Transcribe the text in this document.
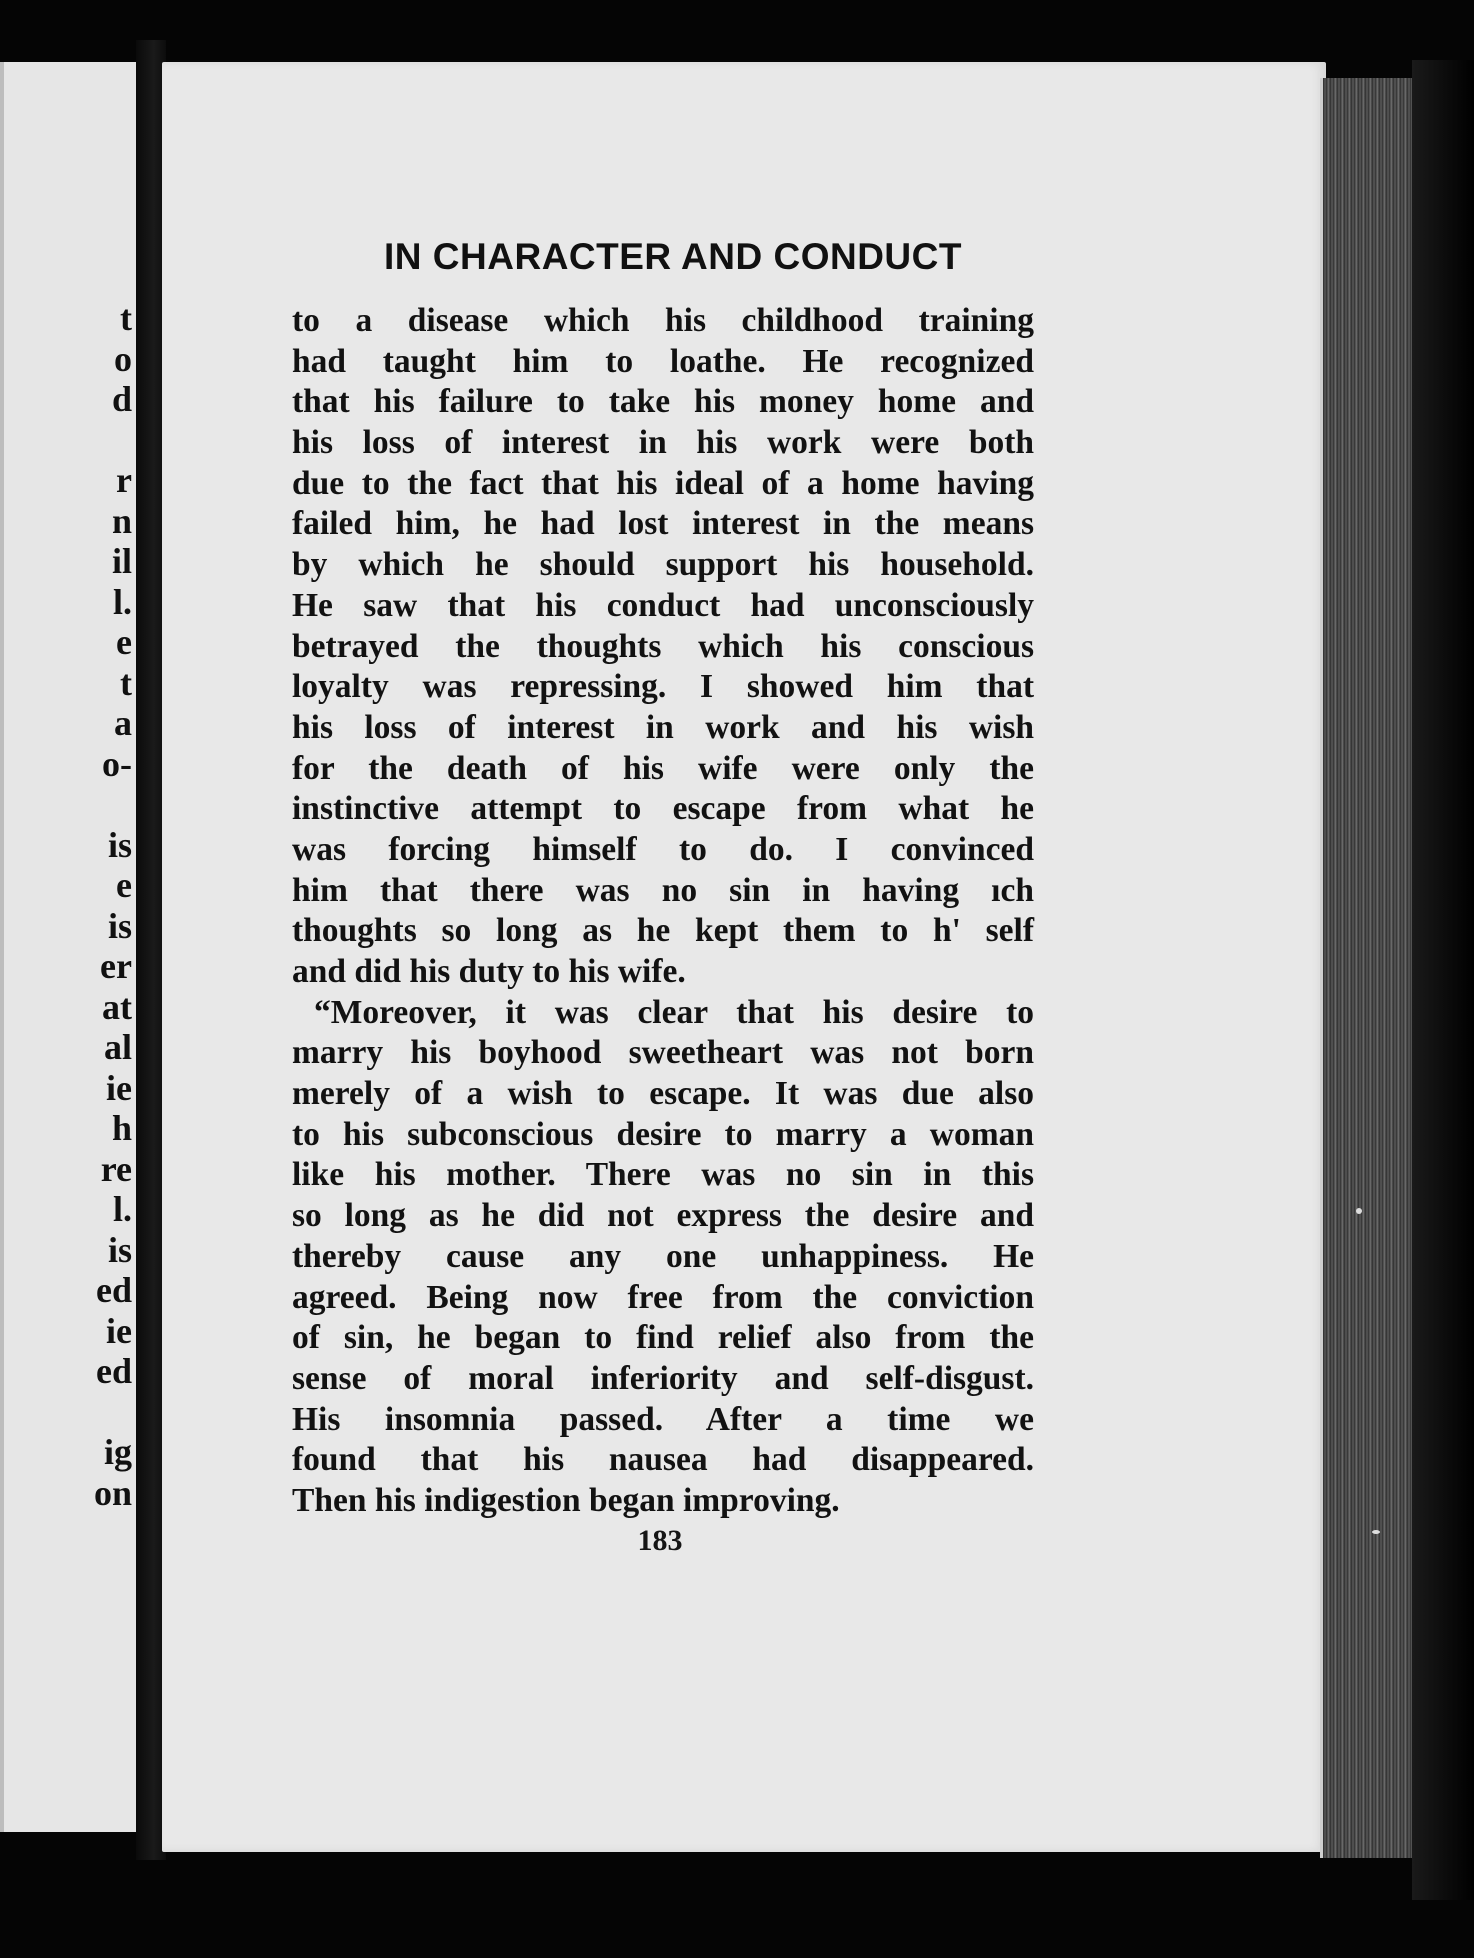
t
o
d
r
n
il
l.
e
t
a
o-
is
e
is
er
at
al
ie
h
re
l.
is
ed
ie
ed
ig
on
IN CHARACTER AND CONDUCT
to a disease which his childhood training
had taught him to loathe. He recognized
that his failure to take his money home and
his loss of interest in his work were both
due to the fact that his ideal of a home having
failed him, he had lost interest in the means
by which he should support his household.
He saw that his conduct had unconsciously
betrayed the thoughts which his conscious
loyalty was repressing. I showed him that
his loss of interest in work and his wish
for the death of his wife were only the
instinctive attempt to escape from what he
was forcing himself to do. I convinced
him that there was no sin in having ıch
thoughts so long as he kept them to h' self
and did his duty to his wife.
“Moreover, it was clear that his desire to
marry his boyhood sweetheart was not born
merely of a wish to escape. It was due also
to his subconscious desire to marry a woman
like his mother. There was no sin in this
so long as he did not express the desire and
thereby cause any one unhappiness. He
agreed. Being now free from the conviction
of sin, he began to find relief also from the
sense of moral inferiority and self-disgust.
His insomnia passed. After a time we
found that his nausea had disappeared.
Then his indigestion began improving.
183
